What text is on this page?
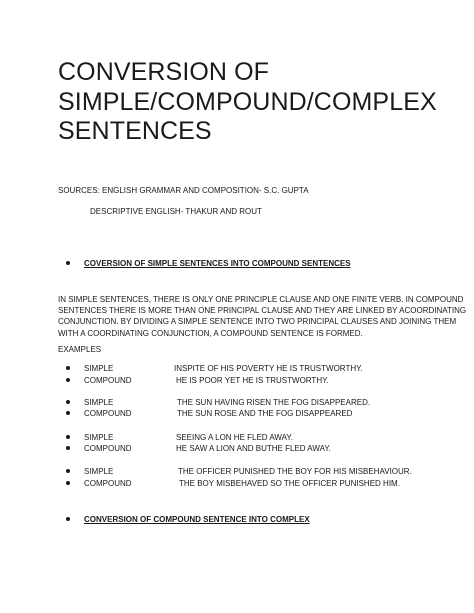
CONVERSION OF
SIMPLE/COMPOUND/COMPLEX
SENTENCES
SOURCES: ENGLISH GRAMMAR AND COMPOSITION- S.C. GUPTA
DESCRIPTIVE ENGLISH- THAKUR AND ROUT
COVERSION OF SIMPLE SENTENCES INTO COMPOUND SENTENCES
IN SIMPLE SENTENCES, THERE IS ONLY ONE PRINCIPLE CLAUSE AND ONE FINITE VERB. IN COMPOUND
SENTENCES THERE IS MORE THAN ONE PRINCIPAL CLAUSE AND THEY ARE LINKED BY ACOORDINATING
CONJUNCTION. BY DIVIDING A SIMPLE SENTENCE INTO TWO PRINCIPAL CLAUSES AND JOINING THEM
WITH A COORDINATING CONJUNCTION, A COMPOUND SENTENCE IS FORMED.
EXAMPLES
SIMPLE	INSPITE OF HIS POVERTY HE IS TRUSTWORTHY.
COMPOUND	HE IS POOR YET HE IS TRUSTWORTHY.
SIMPLE	THE SUN HAVING RISEN THE FOG DISAPPEARED.
COMPOUND	THE SUN ROSE AND THE FOG DISAPPEARED
SIMPLE	SEEING A LON HE FLED AWAY.
COMPOUND	HE SAW A LION AND BUTHE FLED AWAY.
SIMPLE	THE OFFICER PUNISHED THE BOY FOR HIS MISBEHAVIOUR.
COMPOUND	THE BOY MISBEHAVED SO THE OFFICER PUNISHED HIM.
CONVERSION OF COMPOUND SENTENCE INTO COMPLEX
